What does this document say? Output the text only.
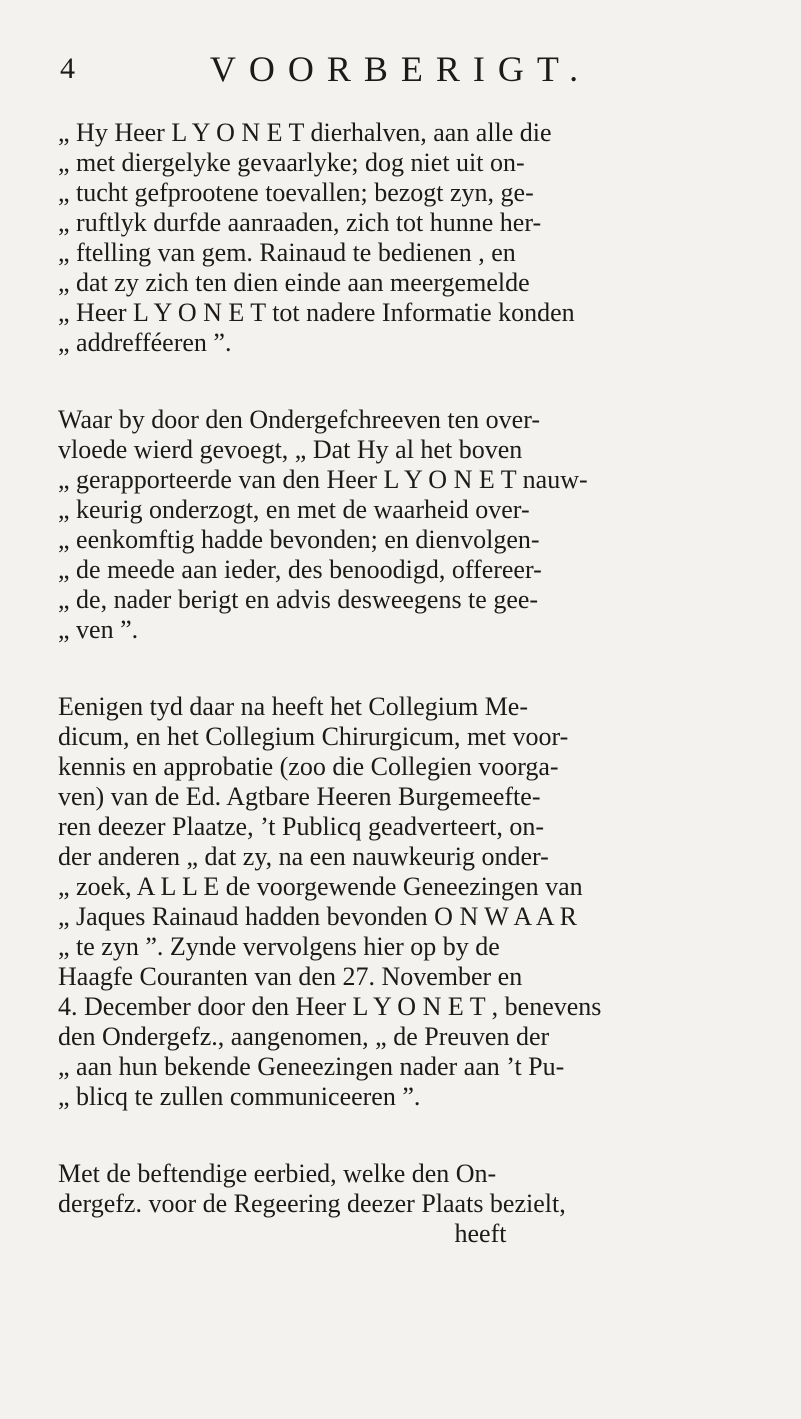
4	VOORBERIGT.
„ Hy Heer L Y O N E T dierhalven, aan alle die
„ met diergelyke gevaarlyke; dog niet uit on-
„ tucht gefprootene toevallen; bezogt zyn, ge-
„ ruftlyk durfde aanraaden, zich tot hunne her-
„ ftelling van gem. Rainaud te bedienen , en
„ dat zy zich ten dien einde aan meergemelde
„ Heer L Y O N E T tot nadere Informatie konden
„ addrefféeren ”.
Waar by door den Ondergefchreeven ten over-
vloede wierd gevoegt, „ Dat Hy al het boven
„ gerapporteerde van den Heer L Y O N E T nauw-
„ keurig onderzogt, en met de waarheid over-
„ eenkomftig hadde bevonden; en dienvolgen-
„ de meede aan ieder, des benoodigd, offereer-
„ de, nader berigt en advis desweegens te gee-
„ ven ”.
Eenigen tyd daar na heeft het Collegium Me-
dicum, en het Collegium Chirurgicum, met voor-
kennis en approbatie (zoo die Collegien voorga-
ven) van de Ed. Agtbare Heeren Burgemeefte-
ren deezer Plaatze, ’t Publicq geadverteert, on-
der anderen „ dat zy, na een nauwkeurig onder-
„ zoek, A L L E de voorgewende Geneezingen van
„ Jaques Rainaud hadden bevonden O N W A A R
„ te zyn ”. Zynde vervolgens hier op by de
Haagfe Couranten van den 27. November en
4. December door den Heer L Y O N E T , benevens
den Ondergefz., aangenomen, „ de Preuven der
„ aan hun bekende Geneezingen nader aan ’t Pu-
„ blicq te zullen communiceeren ”.
Met de beftendige eerbied, welke den On-
dergefz. voor de Regeering deezer Plaats bezielt,
heeft
